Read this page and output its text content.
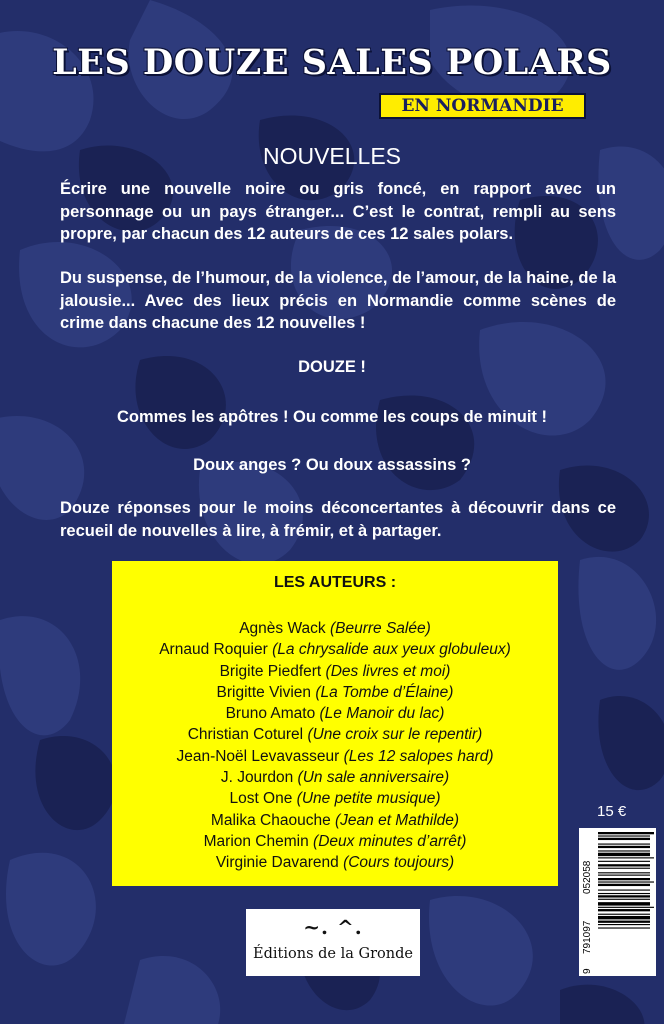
LES DOUZE SALES POLARS
EN NORMANDIE
NOUVELLES
Écrire une nouvelle noire ou gris foncé, en rapport avec un personnage ou un pays étranger... C’est le contrat, rempli au sens propre, par chacun des 12 auteurs de ces 12 sales polars.
Du suspense, de l’humour, de la violence, de l’amour, de la haine, de la jalousie... Avec des lieux précis en Normandie comme scènes de crime dans chacune des 12 nouvelles !
DOUZE !
Commes les apôtres ! Ou comme les coups de minuit !
Doux anges ? Ou doux assassins ?
Douze réponses pour le moins déconcertantes à découvrir dans ce recueil de nouvelles à lire, à frémir, et à partager.
LES AUTEURS :
Agnès Wack (Beurre Salée)
Arnaud Roquier (La chrysalide aux yeux globuleux)
Brigite Piedfert (Des livres et moi)
Brigitte Vivien (La Tombe d’Élaine)
Bruno Amato (Le Manoir du lac)
Christian Coturel (Une croix sur le repentir)
Jean-Noël Levavasseur (Les 12 salopes hard)
J. Jourdon (Un sale anniversaire)
Lost One (Une petite musique)
Malika Chaouche (Jean et Mathilde)
Marion Chemin (Deux minutes d’arrêt)
Virginie Davarend (Cours toujours)
15 €
9
791097
052058
~. ^.
Éditions de la Gronde
